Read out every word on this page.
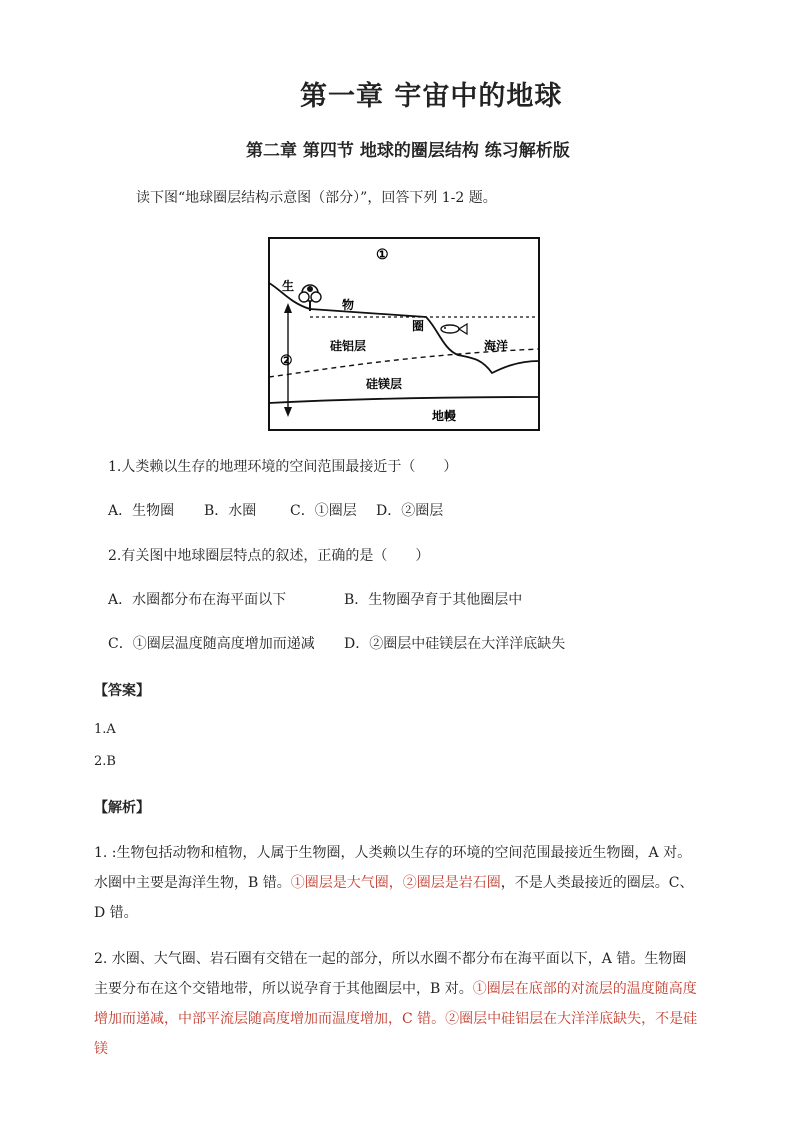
第一章 宇宙中的地球
第二章 第四节 地球的圈层结构 练习解析版
读下图“地球圈层结构示意图（部分）”，回答下列 1-2 题。
①
生
物
圈
②
硅铝层	海洋
硅镁层
地幔
1.人类赖以生存的地理环境的空间范围最接近于（　　）
A．生物圈 B．水圈 C．①圈层 D．②圈层
2.有关图中地球圈层特点的叙述，正确的是（　　）
A．水圈都分布在海平面以下	B．生物圈孕育于其他圈层中
C．①圈层温度随高度增加而递减 D．②圈层中硅镁层在大洋洋底缺失
【答案】
1.A
2.B
【解析】
1. :生物包括动物和植物，人属于生物圈，人类赖以生存的环境的空间范围最接近生物圈，A 对。水圈中主要是海洋生物，B 错。①圈层是大气圈，②圈层是岩石圈，不是人类最接近的圈层。C、D 错。
2. 水圈、大气圈、岩石圈有交错在一起的部分，所以水圈不都分布在海平面以下，A 错。生物圈主要分布在这个交错地带，所以说孕育于其他圈层中，B 对。①圈层在底部的对流层的温度随高度增加而递减，中部平流层随高度增加而温度增加，C 错。②圈层中硅铝层在大洋洋底缺失，不是硅镁
